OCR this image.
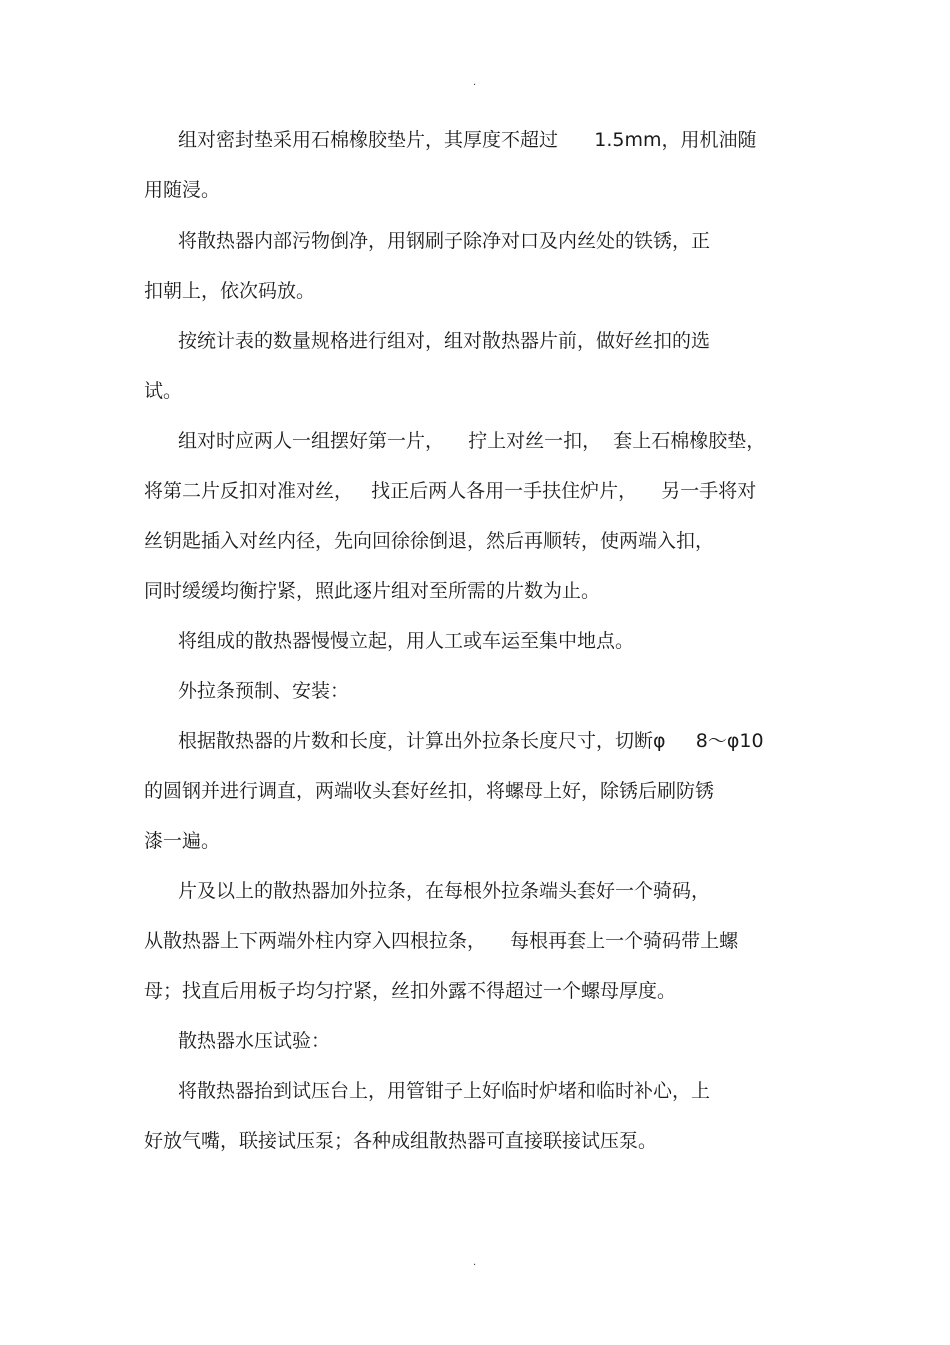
.
组对密封垫采用石棉橡胶垫片，其厚度不超过      1.5mm，用机油随
用随浸。
将散热器内部污物倒净，用钢刷子除净对口及内丝处的铁锈，正
扣朝上，依次码放。
按统计表的数量规格进行组对，组对散热器片前，做好丝扣的选
试。
组对时应两人一组摆好第一片，    拧上对丝一扣，  套上石棉橡胶垫，
将第二片反扣对准对丝，   找正后两人各用一手扶住炉片，    另一手将对
丝钥匙插入对丝内径，先向回徐徐倒退，然后再顺转，使两端入扣，
同时缓缓均衡拧紧，照此逐片组对至所需的片数为止。
将组成的散热器慢慢立起，用人工或车运至集中地点。
外拉条预制、安装：
根据散热器的片数和长度，计算出外拉条长度尺寸，切断φ     8～φ10
的圆钢并进行调直，两端收头套好丝扣，将螺母上好，除锈后刷防锈
漆一遍。
片及以上的散热器加外拉条，在每根外拉条端头套好一个骑码，
从散热器上下两端外柱内穿入四根拉条，    每根再套上一个骑码带上螺
母；找直后用板子均匀拧紧，丝扣外露不得超过一个螺母厚度。
散热器水压试验：
将散热器抬到试压台上，用管钳子上好临时炉堵和临时补心，上
好放气嘴，联接试压泵；各种成组散热器可直接联接试压泵。
.
